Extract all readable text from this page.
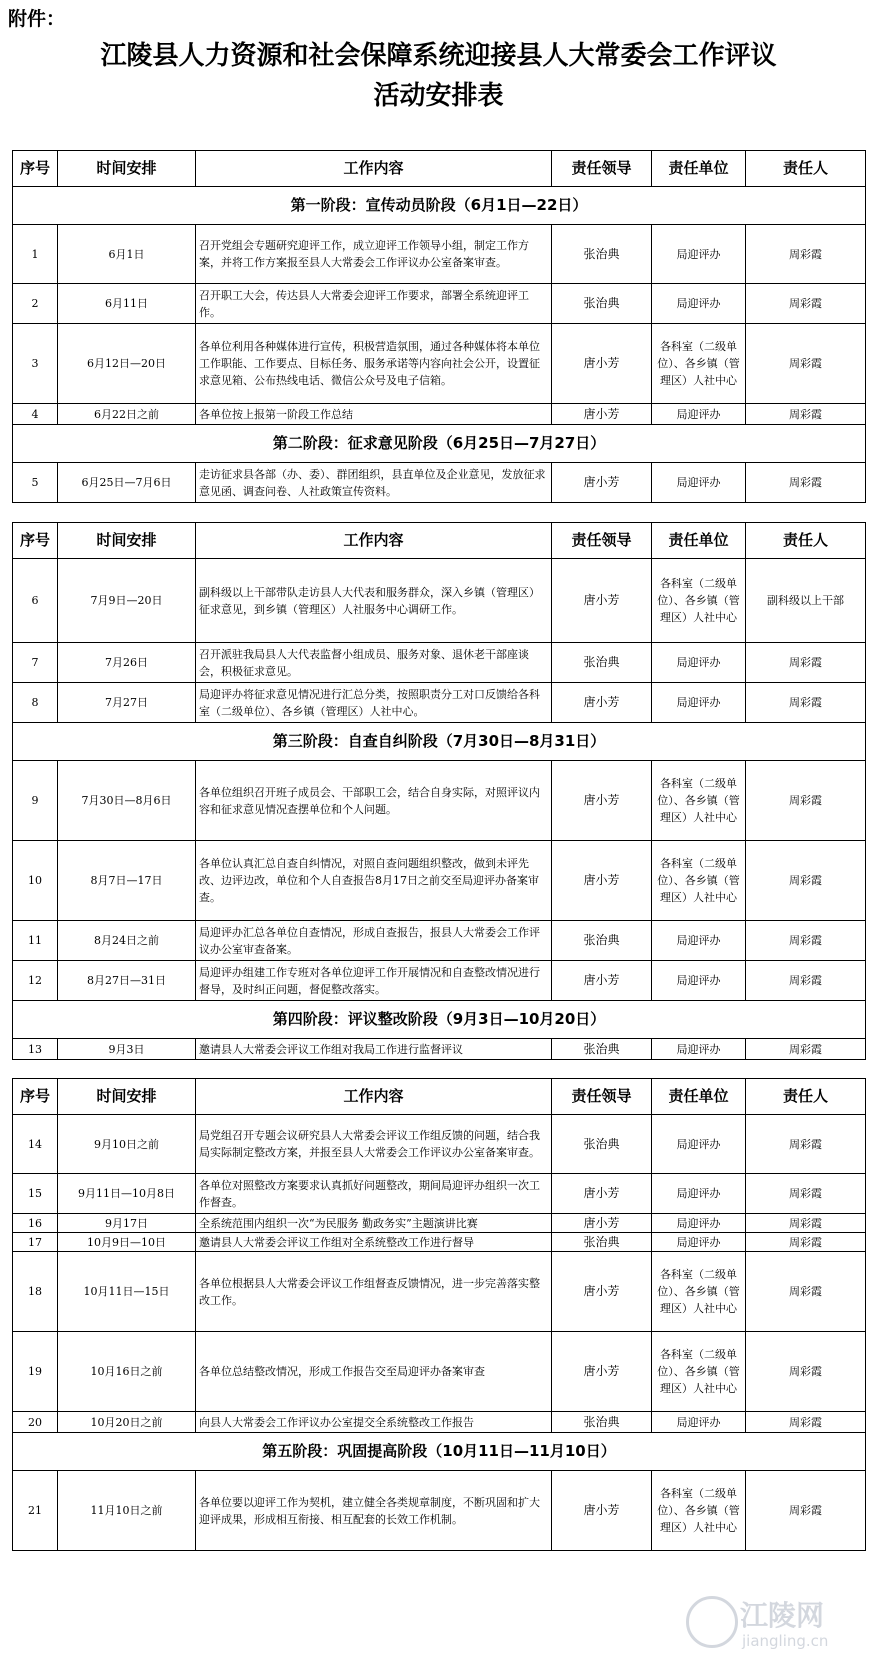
附件：
江陵县人力资源和社会保障系统迎接县人大常委会工作评议
活动安排表
序号	时间安排	工作内容	责任领导	责任单位	责任人
第一阶段：宣传动员阶段（6月1日—22日）					
1	6月1日	召开党组会专题研究迎评工作，成立迎评工作领导小组，制定工作方案，并将工作方案报至县人大常委会工作评议办公室备案审查。	张治典	局迎评办	周彩霞
2	6月11日	召开职工大会，传达县人大常委会迎评工作要求，部署全系统迎评工作。	张治典	局迎评办	周彩霞
3	6月12日—20日	各单位利用各种媒体进行宣传，积极营造氛围，通过各种媒体将本单位工作职能、工作要点、目标任务、服务承诺等内容向社会公开，设置征求意见箱、公布热线电话、微信公众号及电子信箱。	唐小芳	各科室（二级单位）、各乡镇（管理区）人社中心	周彩霞
4	6月22日之前	各单位按上报第一阶段工作总结	唐小芳	局迎评办	周彩霞
第二阶段：征求意见阶段（6月25日—7月27日）					
5	6月25日—7月6日	走访征求县各部（办、委）、群团组织，县直单位及企业意见，发放征求意见函、调查问卷、人社政策宣传资料。	唐小芳	局迎评办	周彩霞
序号	时间安排	工作内容	责任领导	责任单位	责任人
6	7月9日—20日	副科级以上干部带队走访县人大代表和服务群众，深入乡镇（管理区）征求意见，到乡镇（管理区）人社服务中心调研工作。	唐小芳	各科室（二级单位）、各乡镇（管理区）人社中心	副科级以上干部
7	7月26日	召开派驻我局县人大代表监督小组成员、服务对象、退休老干部座谈会，积极征求意见。	张治典	局迎评办	周彩霞
8	7月27日	局迎评办将征求意见情况进行汇总分类，按照职责分工对口反馈给各科室（二级单位）、各乡镇（管理区）人社中心。	唐小芳	局迎评办	周彩霞
第三阶段：自查自纠阶段（7月30日—8月31日）					
9	7月30日—8月6日	各单位组织召开班子成员会、干部职工会，结合自身实际，对照评议内容和征求意见情况查摆单位和个人问题。	唐小芳	各科室（二级单位）、各乡镇（管理区）人社中心	周彩霞
10	8月7日—17日	各单位认真汇总自查自纠情况，对照自查问题组织整改，做到未评先改、边评边改，单位和个人自查报告8月17日之前交至局迎评办备案审查。	唐小芳	各科室（二级单位）、各乡镇（管理区）人社中心	周彩霞
11	8月24日之前	局迎评办汇总各单位自查情况，形成自查报告，报县人大常委会工作评议办公室审查备案。	张治典	局迎评办	周彩霞
12	8月27日—31日	局迎评办组建工作专班对各单位迎评工作开展情况和自查整改情况进行督导，及时纠正问题，督促整改落实。	唐小芳	局迎评办	周彩霞
第四阶段：评议整改阶段（9月3日—10月20日）					
13	9月3日	邀请县人大常委会评议工作组对我局工作进行监督评议	张治典	局迎评办	周彩霞
序号	时间安排	工作内容	责任领导	责任单位	责任人
14	9月10日之前	局党组召开专题会议研究县人大常委会评议工作组反馈的问题，结合我局实际制定整改方案，并报至县人大常委会工作评议办公室备案审查。	张治典	局迎评办	周彩霞
15	9月11日—10月8日	各单位对照整改方案要求认真抓好问题整改，期间局迎评办组织一次工作督查。	唐小芳	局迎评办	周彩霞
16	9月17日	全系统范围内组织一次“为民服务 勤政务实”主题演讲比赛	唐小芳	局迎评办	周彩霞
17	10月9日—10日	邀请县人大常委会评议工作组对全系统整改工作进行督导	张治典	局迎评办	周彩霞
18	10月11日—15日	各单位根据县人大常委会评议工作组督查反馈情况，进一步完善落实整改工作。	唐小芳	各科室（二级单位）、各乡镇（管理区）人社中心	周彩霞
19	10月16日之前	各单位总结整改情况，形成工作报告交至局迎评办备案审查	唐小芳	各科室（二级单位）、各乡镇（管理区）人社中心	周彩霞
20	10月20日之前	向县人大常委会工作评议办公室提交全系统整改工作报告	张治典	局迎评办	周彩霞
第五阶段：巩固提高阶段（10月11日—11月10日）					
21	11月10日之前	各单位要以迎评工作为契机，建立健全各类规章制度，不断巩固和扩大迎评成果，形成相互衔接、相互配套的长效工作机制。	唐小芳	各科室（二级单位）、各乡镇（管理区）人社中心	周彩霞
江陵网
jiangling.cn
